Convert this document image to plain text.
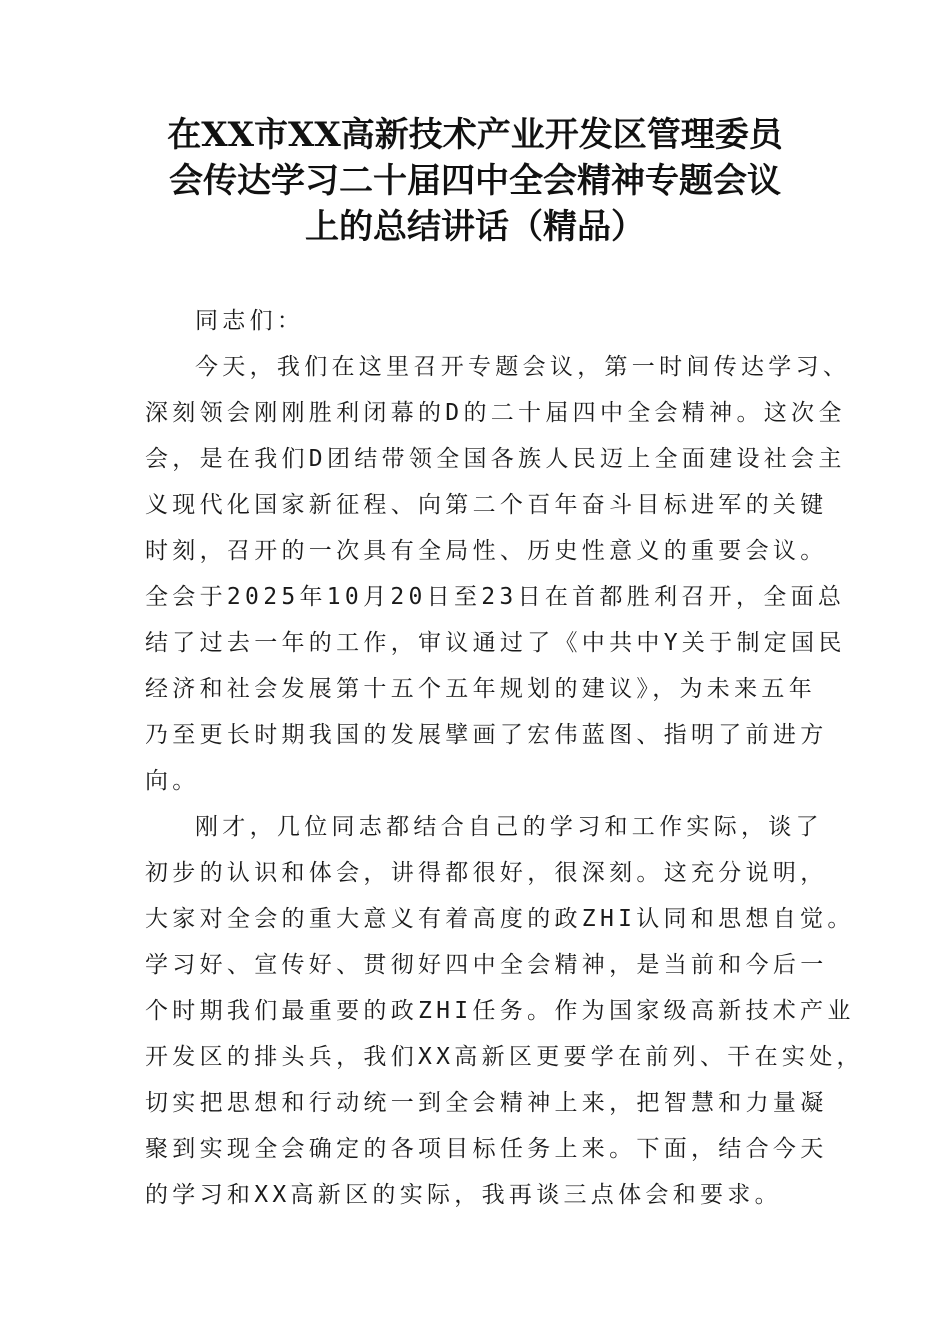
在XX市XX高新技术产业开发区管理委员
会传达学习二十届四中全会精神专题会议
上的总结讲话（精品）
同志们：
今天，我们在这里召开专题会议，第一时间传达学习、
深刻领会刚刚胜利闭幕的D的二十届四中全会精神。这次全
会，是在我们D团结带领全国各族人民迈上全面建设社会主
义现代化国家新征程、向第二个百年奋斗目标进军的关键
时刻，召开的一次具有全局性、历史性意义的重要会议。
全会于2025年10月20日至23日在首都胜利召开，全面总
结了过去一年的工作，审议通过了《中共中Y关于制定国民
经济和社会发展第十五个五年规划的建议》，为未来五年
乃至更长时期我国的发展擘画了宏伟蓝图、指明了前进方
向。
刚才，几位同志都结合自己的学习和工作实际，谈了
初步的认识和体会，讲得都很好，很深刻。这充分说明，
大家对全会的重大意义有着高度的政ZHI认同和思想自觉。
学习好、宣传好、贯彻好四中全会精神，是当前和今后一
个时期我们最重要的政ZHI任务。作为国家级高新技术产业
开发区的排头兵，我们XX高新区更要学在前列、干在实处，
切实把思想和行动统一到全会精神上来，把智慧和力量凝
聚到实现全会确定的各项目标任务上来。下面，结合今天
的学习和XX高新区的实际，我再谈三点体会和要求。
